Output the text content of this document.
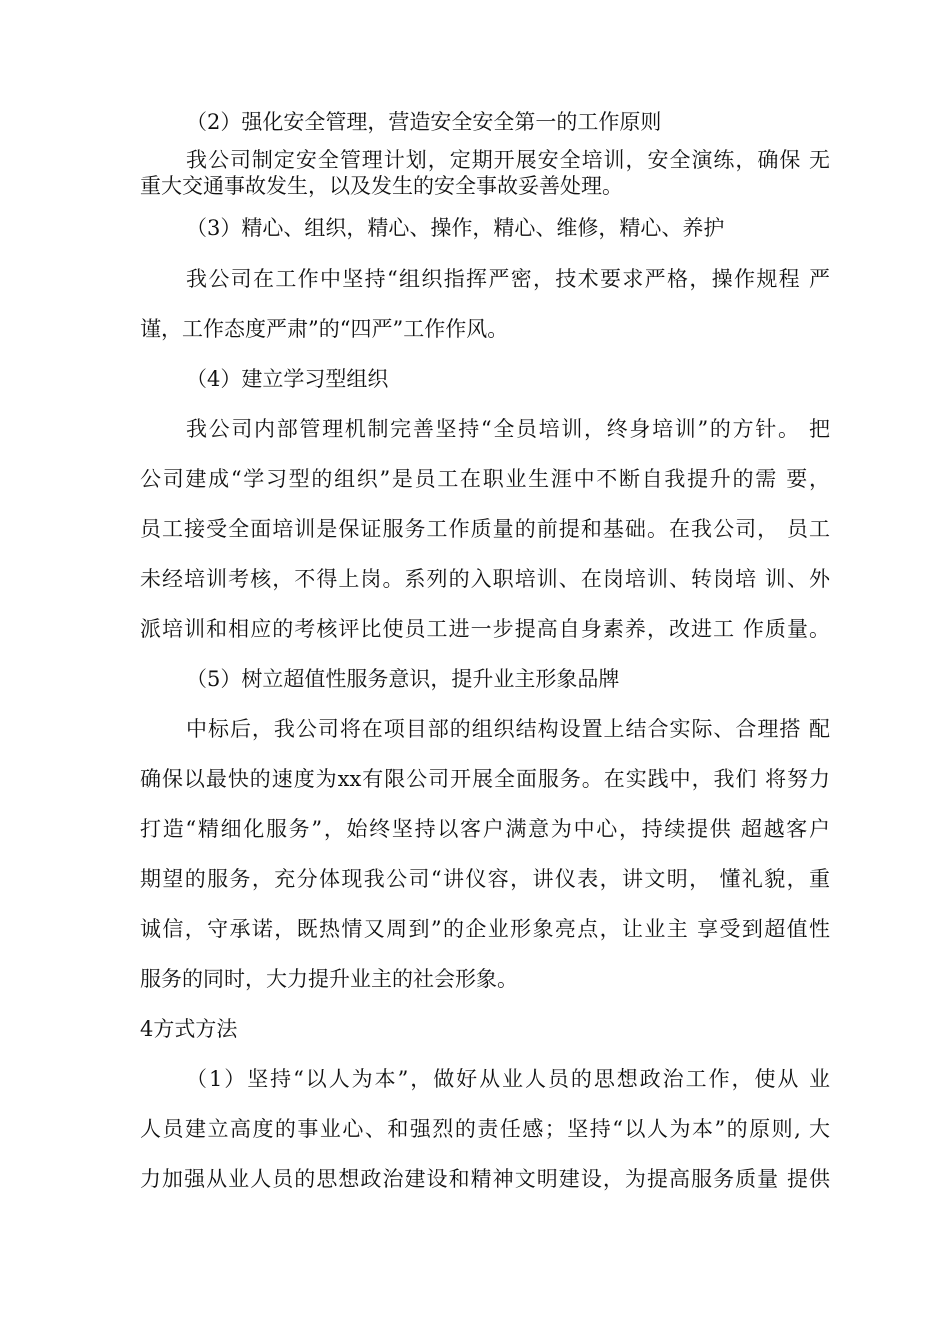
（2）强化安全管理，营造安全安全第一的工作原则
我公司制定安全管理计划，定期开展安全培训，安全演练，确保 无
重大交通事故发生，以及发生的安全事故妥善处理。
（3）精心、组织，精心、操作，精心、维修，精心、养护
我公司在工作中坚持“组织指挥严密，技术要求严格，操作规程 严
谨，工作态度严肃”的“四严”工作作风。
（4）建立学习型组织
我公司内部管理机制完善坚持“全员培训，终身培训”的方针。 把
公司建成“学习型的组织”是员工在职业生涯中不断自我提升的需 要，
员工接受全面培训是保证服务工作质量的前提和基础。在我公司， 员工
未经培训考核，不得上岗。系列的入职培训、在岗培训、转岗培 训、外
派培训和相应的考核评比使员工进一步提高自身素养，改进工 作质量。
（5）树立超值性服务意识，提升业主形象品牌
中标后，我公司将在项目部的组织结构设置上结合实际、合理搭 配
确保以最快的速度为xx有限公司开展全面服务。在实践中，我们 将努力
打造“精细化服务”，始终坚持以客户满意为中心，持续提供 超越客户
期望的服务，充分体现我公司“讲仪容，讲仪表，讲文明， 懂礼貌，重
诚信，守承诺，既热情又周到”的企业形象亮点，让业主 享受到超值性
服务的同时，大力提升业主的社会形象。
4方式方法
（1）坚持“以人为本”，做好从业人员的思想政治工作，使从 业
人员建立高度的事业心、和强烈的责任感；坚持“以人为本”的原则, 大
力加强从业人员的思想政治建设和精神文明建设，为提高服务质量 提供
